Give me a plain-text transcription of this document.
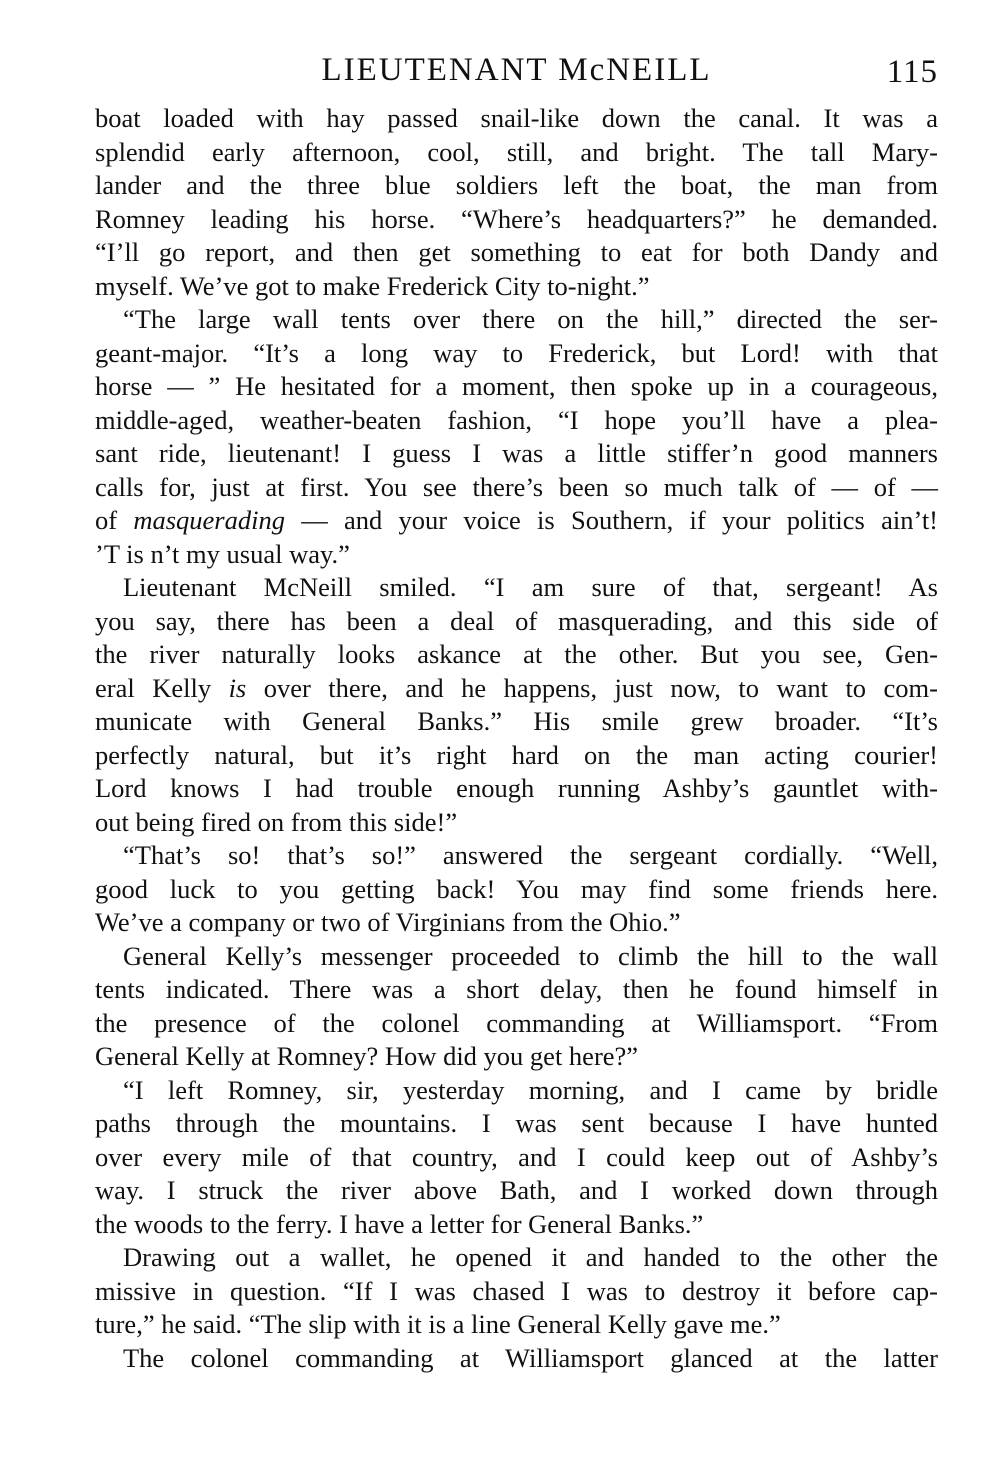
LIEUTENANT McNEILL	115
boat loaded with hay passed snail-like down the canal. It was a
splendid early afternoon, cool, still, and bright. The tall Mary-
lander and the three blue soldiers left the boat, the man from
Romney leading his horse. “Where’s headquarters?” he demanded.
“I’ll go report, and then get something to eat for both Dandy and
myself. We’ve got to make Frederick City to-night.”
“The large wall tents over there on the hill,” directed the ser-
geant-major. “It’s a long way to Frederick, but Lord! with that
horse — ” He hesitated for a moment, then spoke up in a courageous,
middle-aged, weather-beaten fashion, “I hope you’ll have a plea-
sant ride, lieutenant! I guess I was a little stiffer’n good manners
calls for, just at first. You see there’s been so much talk of — of —
of masquerading — and your voice is Southern, if your politics ain’t!
’T is n’t my usual way.”
Lieutenant McNeill smiled. “I am sure of that, sergeant! As
you say, there has been a deal of masquerading, and this side of
the river naturally looks askance at the other. But you see, Gen-
eral Kelly is over there, and he happens, just now, to want to com-
municate with General Banks.” His smile grew broader. “It’s
perfectly natural, but it’s right hard on the man acting courier!
Lord knows I had trouble enough running Ashby’s gauntlet with-
out being fired on from this side!”
“That’s so! that’s so!” answered the sergeant cordially. “Well,
good luck to you getting back! You may find some friends here.
We’ve a company or two of Virginians from the Ohio.”
General Kelly’s messenger proceeded to climb the hill to the wall
tents indicated. There was a short delay, then he found himself in
the presence of the colonel commanding at Williamsport. “From
General Kelly at Romney? How did you get here?”
“I left Romney, sir, yesterday morning, and I came by bridle
paths through the mountains. I was sent because I have hunted
over every mile of that country, and I could keep out of Ashby’s
way. I struck the river above Bath, and I worked down through
the woods to the ferry. I have a letter for General Banks.”
Drawing out a wallet, he opened it and handed to the other the
missive in question. “If I was chased I was to destroy it before cap-
ture,” he said. “The slip with it is a line General Kelly gave me.”
The colonel commanding at Williamsport glanced at the latter
